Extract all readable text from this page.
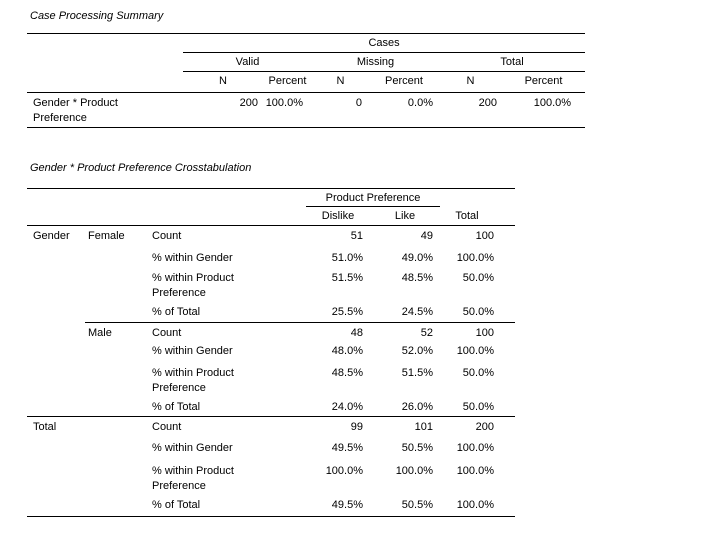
Case Processing Summary
	Cases					
	Valid		Missing		Total	
	N	Percent	N	Percent	N	Percent
Gender * Product Preference	200	100.0%	0	0.0%	200	100.0%
Gender * Product Preference Crosstabulation
			Product Preference		
			Dislike	Like	Total
Gender	Female	Count	51	49	100
		% within Gender	51.0%	49.0%	100.0%
		% within Product Preference	51.5%	48.5%	50.0%
		% of Total	25.5%	24.5%	50.0%
	Male	Count	48	52	100
		% within Gender	48.0%	52.0%	100.0%
		% within Product Preference	48.5%	51.5%	50.0%
		% of Total	24.0%	26.0%	50.0%
Total		Count	99	101	200
		% within Gender	49.5%	50.5%	100.0%
		% within Product Preference	100.0%	100.0%	100.0%
		% of Total	49.5%	50.5%	100.0%
